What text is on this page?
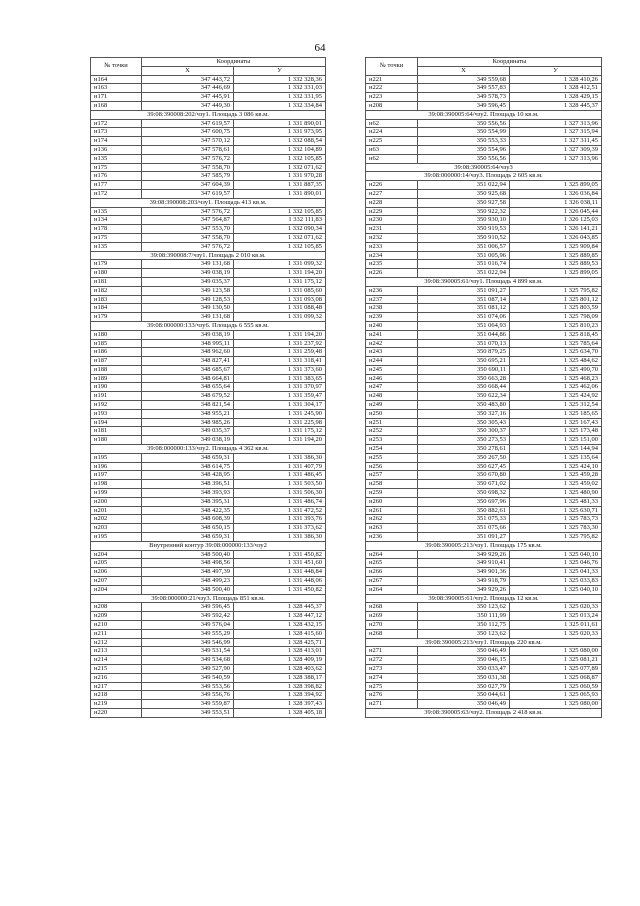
64
№ точки	Координаты	
	X	У
н164	347 443,72	1 332 328,36
н163	347 446,69	1 332 331,03
н171	347 445,91	1 332 331,95
н168	347 449,30	1 332 334,84
39:08:390008:202/чзу1. Площадь 3 086 кв.м.		
н172	347 619,57	1 331 890,01
н173	347 600,75	1 331 973,95
н174	347 570,12	1 332 088,54
н136	347 578,61	1 332 104,89
н135	347 576,72	1 332 105,85
н175	347 558,70	1 332 071,62
н176	347 585,79	1 331 970,28
н177	347 604,39	1 331 887,35
н172	347 619,57	1 331 890,01
39:08:390008:203/чзу1. Площадь 413 кв.м.		
н135	347 576,72	1 332 105,85
н134	347 564,87	1 332 111,83
н178	347 553,70	1 332 090,34
н175	347 558,70	1 332 071,62
н135	347 576,72	1 332 105,85
39:08:390008:7/чзу1. Площадь 2 010 кв.м.		
н179	349 131,68	1 331 099,32
н180	349 038,19	1 331 194,20
н181	349 035,37	1 331 175,12
н182	349 123,58	1 331 085,60
н183	349 128,53	1 331 093,08
н184	349 130,50	1 331 088,48
н179	349 131,68	1 331 099,32
39:08:000000:133/чзу6. Площадь 6 555 кв.м.		
н180	349 038,19	1 331 194,20
н185	348 995,11	1 331 237,92
н186	348 962,60	1 331 259,48
н187	348 827,41	1 331 318,41
н188	348 685,67	1 331 373,60
н189	348 664,81	1 331 383,65
н190	348 655,64	1 331 370,97
н191	348 679,52	1 331 359,47
н192	348 821,54	1 331 304,17
н193	348 955,21	1 331 245,90
н194	348 985,26	1 331 225,98
н181	349 035,37	1 331 175,12
н180	349 038,19	1 331 194,20
39:08:000000:133/чзу2. Площадь 4 362 кв.м.		
н195	348 659,31	1 331 386,30
н196	348 614,75	1 331 407,79
н197	348 428,95	1 331 486,45
н198	348 396,51	1 331 503,50
н199	348 393,93	1 331 506,30
н200	348 395,31	1 331 486,74
н201	348 422,35	1 331 472,52
н202	348 608,39	1 331 393,76
н203	348 650,15	1 331 373,62
н195	348 659,31	1 331 386,30
Внутренний контур 39:08:000000:133/чзу2		
н204	348 500,40	1 331 450,82
н205	348 498,56	1 331 451,60
н206	348 497,39	1 331 448,84
н207	348 499,23	1 331 448,06
н204	348 500,40	1 331 450,82
39:08:000000:21/чзу3. Площадь 851 кв.м.		
н208	349 596,45	1 328 445,37
н209	349 592,42	1 328 447,12
н210	349 576,04	1 328 432,15
н211	349 555,29	1 328 415,60
н212	349 546,99	1 328 425,71
н213	349 531,54	1 328 413,01
н214	349 534,68	1 328 409,19
н215	349 527,90	1 328 403,62
н216	349 540,59	1 328 388,17
н217	349 553,56	1 328 398,82
н218	349 556,76	1 328 394,92
н219	349 559,87	1 328 397,43
н220	349 553,51	1 328 405,18
№ точки	Координаты	
	X	У
н221	349 559,68	1 328 410,26
н222	349 557,83	1 328 412,51
н223	349 578,73	1 328 429,15
н208	349 596,45	1 328 445,37
39:08:390005:64/чзу2. Площадь 10 кв.м.		
н62	350 556,56	1 327 313,96
н224	350 554,99	1 327 315,94
н225	350 553,33	1 327 311,45
н63	350 554,96	1 327 309,39
н62	350 556,56	1 327 313,96
39:08:390005:64/чзу3		
39:08:000000:14/чзу3. Площадь 2 605 кв.м.		
н226	351 022,94	1 325 899,05
н227	350 925,68	1 326 036,84
н228	350 927,58	1 326 038,11
н229	350 922,32	1 326 045,44
н230	350 930,10	1 326 125,03
н231	350 919,53	1 326 141,21
н232	350 910,52	1 326 043,85
н233	351 006,57	1 325 909,84
н234	351 005,96	1 325 889,85
н235	351 016,74	1 325 889,53
н226	351 022,94	1 325 899,05
39:08:390005:61/чзу1. Площадь 4 899 кв.м.		
н236	351 091,27	1 325 795,82
н237	351 087,14	1 325 801,12
н238	351 081,12	1 325 803,59
н239	351 074,06	1 325 798,09
н240	351 064,93	1 325 810,23
н241	351 044,86	1 325 818,45
н242	351 070,13	1 325 785,64
н243	350 879,25	1 325 634,70
н244	350 695,21	1 325 484,62
н245	350 690,11	1 325 490,70
н246	350 663,28	1 325 468,23
н247	350 668,44	1 325 462,06
н248	350 622,34	1 325 424,92
н249	350 483,80	1 325 312,54
н250	350 327,16	1 325 185,65
н251	350 305,43	1 325 167,43
н252	350 300,37	1 325 173,48
н253	350 273,53	1 325 151,00
н254	350 278,61	1 325 144,94
н255	350 267,50	1 325 135,64
н256	350 627,45	1 325 424,10
н257	350 670,80	1 325 459,28
н258	350 671,02	1 325 459,02
н259	350 698,32	1 325 480,90
н260	350 697,96	1 325 481,33
н261	350 882,61	1 325 630,71
н262	351 075,33	1 325 783,73
н263	351 075,66	1 325 783,30
н236	351 091,27	1 325 795,82
39:08:390005:213/чзу1. Площадь 175 кв.м.		
н264	349 929,26	1 325 040,10
н265	349 910,41	1 325 046,76
н266	349 901,36	1 325 041,33
н267	349 918,79	1 325 033,83
н264	349 929,26	1 325 040,10
39:08:390005:61/чзу2. Площадь 12 кв.м.		
н268	350 123,62	1 325 020,33
н269	350 111,99	1 325 013,24
н270	350 112,75	1 325 011,61
н268	350 123,62	1 325 020,33
39:08:390005:213/чзу1. Площадь 220 кв.м.		
н271	350 046,49	1 325 080,00
н272	350 046,15	1 325 081,21
н273	350 033,47	1 325 077,89
н274	350 031,38	1 325 068,87
н275	350 027,79	1 325 060,59
н276	350 044,61	1 325 065,93
н271	350 046,49	1 325 080,00
39:08:390005:63/чзу2. Площадь 2 418 кв.м.		
